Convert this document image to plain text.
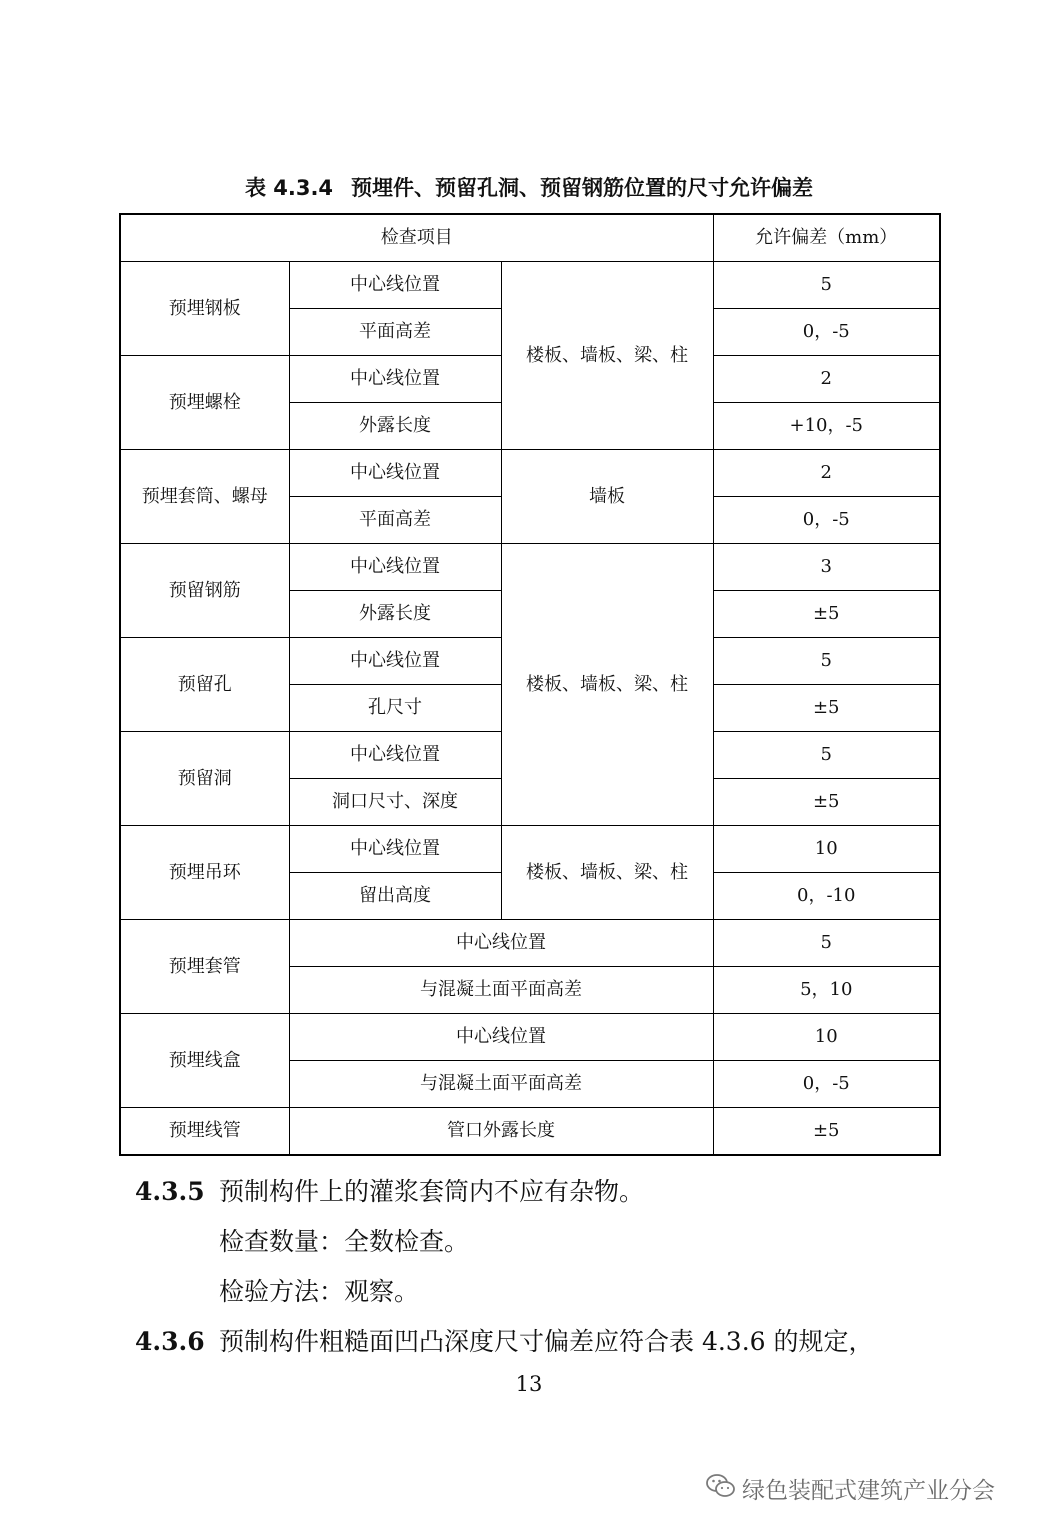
表 4.3.4 预埋件、预留孔洞、预留钢筋位置的尺寸允许偏差
检查项目			允许偏差（mm）
预埋钢板	中心线位置	楼板、墙板、梁、柱	5
	平面高差		0，-5
预埋螺栓	中心线位置		2
	外露长度		+10，-5
预埋套筒、螺母	中心线位置	墙板	2
	平面高差		0，-5
预留钢筋	中心线位置	楼板、墙板、梁、柱	3
	外露长度		±5
预留孔	中心线位置		5
	孔尺寸		±5
预留洞	中心线位置		5
	洞口尺寸、深度		±5
预埋吊环	中心线位置	楼板、墙板、梁、柱	10
	留出高度		0，-10
预埋套管	中心线位置		5
	与混凝土面平面高差		5，10
预埋线盒	中心线位置		10
	与混凝土面平面高差		0，-5
预埋线管	管口外露长度		±5
4.3.5 预制构件上的灌浆套筒内不应有杂物。
检查数量：全数检查。
检验方法：观察。
4.3.6 预制构件粗糙面凹凸深度尺寸偏差应符合表 4.3.6 的规定，
13
绿色装配式建筑产业分会
